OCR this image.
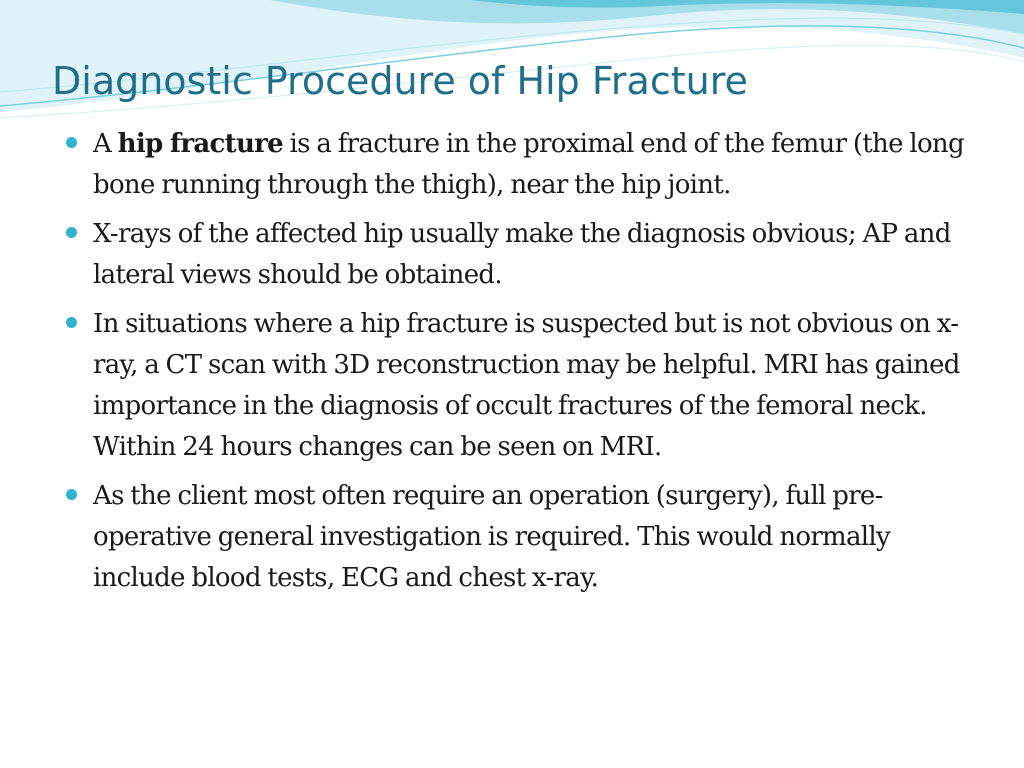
Diagnostic Procedure of Hip Fracture
A hip fracture is a fracture in the proximal end of the femur (the long bone running through the thigh), near the hip joint.
X-rays of the affected hip usually make the diagnosis obvious; AP and lateral views should be obtained.
In situations where a hip fracture is suspected but is not obvious on x-ray, a CT scan with 3D reconstruction may be helpful. MRI has gained importance in the diagnosis of occult fractures of the femoral neck. Within 24 hours changes can be seen on MRI.
As the client most often require an operation (surgery), full pre-operative general investigation is required. This would normally include blood tests, ECG and chest x-ray.
